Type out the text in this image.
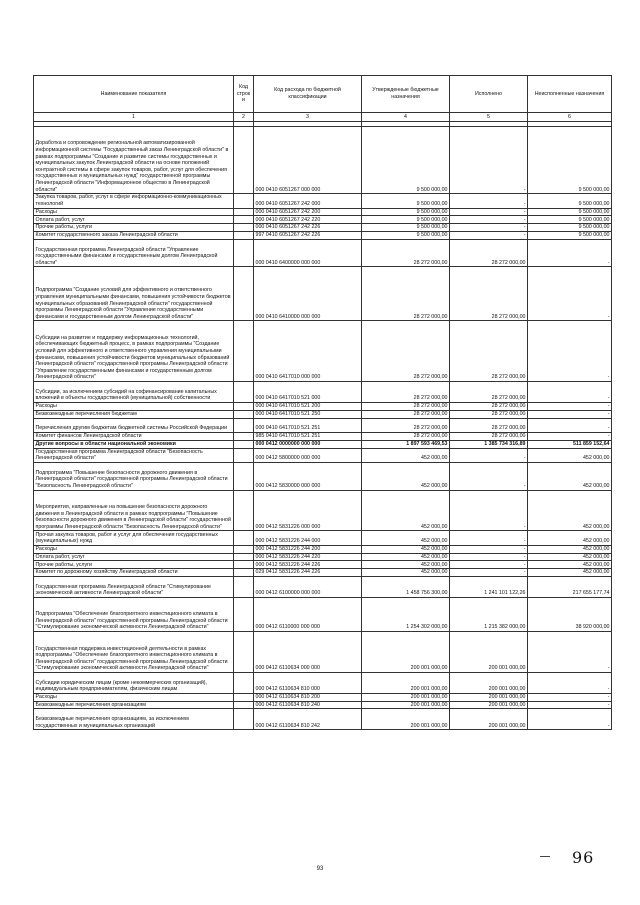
Наименование показателя	Код строк и	Код расхода по бюджетной классификации	Утвержденные бюджетные назначения	Исполнено	Неисполненные назначения
1	2	3	4	5	6

Доработка и сопровождение региональной автоматизированной информационной системы "Государственный заказ Ленинградской области" в рамках подпрограммы "Создание и развитие системы государственных и муниципальных закупок Ленинградской области на основе положений контрактной системы в сфере закупок товаров, работ, услуг для обеспечения государственных и муниципальных нужд" государственной программы Ленинградской области "Информационное общество в Ленинградской области"		000 0410 6051267 000 000	9 500 000,00	-	9 500 000,00
Закупка товаров, работ, услуг в сфере информационно-коммуникационных технологий		000 0410 6051267 242 000	9 500 000,00	-	9 500 000,00
Расходы		000 0410 6051267 242 200	9 500 000,00	-	9 500 000,00
Оплата работ, услуг		000 0410 6051267 242 220	9 500 000,00	-	9 500 000,00
Прочие работы, услуги		000 0410 6051267 242 226	9 500 000,00	-	9 500 000,00
Комитет государственного заказа Ленинградской области		997 0410 6051267 242 226	9 500 000,00	-	9 500 000,00
Государственная программа Ленинградской области "Управление государственными финансами и государственным долгом Ленинградской области"		000 0410 6400000 000 000	28 272 000,00	28 272 000,00	-
Подпрограмма "Создание условий для эффективного и ответственного управления муниципальными финансами, повышения устойчивости бюджетов муниципальных образований Ленинградской области" государственной программы Ленинградской области "Управление государственными финансами и государственным долгом Ленинградской области"		000 0410 6410000 000 000	28 272 000,00	28 272 000,00	-
Субсидии на развитие и поддержку информационных технологий, обеспечивающих бюджетный процесс, в рамках подпрограммы "Создание условий для эффективного и ответственного управления муниципальными финансами, повышения устойчивости бюджетов муниципальных образований Ленинградской области" государственной программы Ленинградской области "Управление государственными финансами и государственным долгом Ленинградской области"		000 0410 6417010 000 000	28 272 000,00	28 272 000,00	-
Субсидии, за исключением субсидий на софинансирование капитальных вложений в объекты государственной (муниципальной) собственности		000 0410 6417010 521 000	28 272 000,00	28 272 000,00	-
Расходы		000 0410 6417010 521 200	28 272 000,00	28 272 000,00	-
Безвозмездные перечисления бюджетам		000 0410 6417010 521 250	28 272 000,00	28 272 000,00	-
Перечисления другим бюджетам бюджетной системы Российской Федерации		000 0410 6417010 521 251	28 272 000,00	28 272 000,00	-
Комитет финансов Ленинградской области		985 0410 6417010 521 251	28 272 000,00	28 272 000,00	-
Другие вопросы в области национальной экономики		000 0412 0000000 000 000	1 897 593 469,53	1 385 734 316,89	511 859 152,64
Государственная программа Ленинградской области "Безопасность Ленинградской области"		000 0412 5800000 000 000	452 000,00	-	452 000,00
Подпрограмма "Повышение безопасности дорожного движения в Ленинградской области" государственной программы Ленинградской области "Безопасность Ленинградской области"		000 0412 5830000 000 000	452 000,00	-	452 000,00
Мероприятия, направленные на повышение безопасности дорожного движения в Ленинградской области в рамках подпрограммы "Повышение безопасности дорожного движения в Ленинградской области" государственной программы Ленинградской области "Безопасность Ленинградской области"		000 0412 5831226 000 000	452 000,00	-	452 000,00
Прочая закупка товаров, работ и услуг для обеспечения государственных (муниципальных) нужд		000 0412 5831226 244 000	452 000,00	-	452 000,00
Расходы		000 0412 5831226 244 200	452 000,00	-	452 000,00
Оплата работ, услуг		000 0412 5831226 244 220	452 000,00	-	452 000,00
Прочие работы, услуги		000 0412 5831226 244 226	452 000,00	-	452 000,00
Комитет по дорожному хозяйству Ленинградской области		029 0412 5831226 244 226	452 000,00	-	452 000,00
Государственная программа Ленинградской области "Стимулирование экономической активности Ленинградской области"		000 0412 6100000 000 000	1 458 756 300,00	1 241 101 122,26	217 655 177,74
Подпрограмма "Обеспечение благоприятного инвестиционного климата в Ленинградской области" государственной программы Ленинградской области "Стимулирование экономической активности Ленинградской области"		000 0412 6110000 000 000	1 254 302 000,00	1 215 382 000,00	38 920 000,00
Государственная поддержка инвестиционной деятельности в рамках подпрограммы "Обеспечение благоприятного инвестиционного климата в Ленинградской области" государственной программы Ленинградской области "Стимулирование экономической активности Ленинградской области"		000 0412 6110634 000 000	200 001 000,00	200 001 000,00	-
Субсидии юридическим лицам (кроме некоммерческих организаций), индивидуальным предпринимателям, физическим лицам		000 0412 6110634 810 000	200 001 000,00	200 001 000,00	-
Расходы		000 0412 6110634 810 200	200 001 000,00	200 001 000,00	-
Безвозмездные перечисления организациям		000 0412 6110634 810 240	200 001 000,00	200 001 000,00	-
Безвозмездные перечисления организациям, за исключением государственных и муниципальных организаций		000 0412 6110634 810 242	200 001 000,00	200 001 000,00	-
93
96
